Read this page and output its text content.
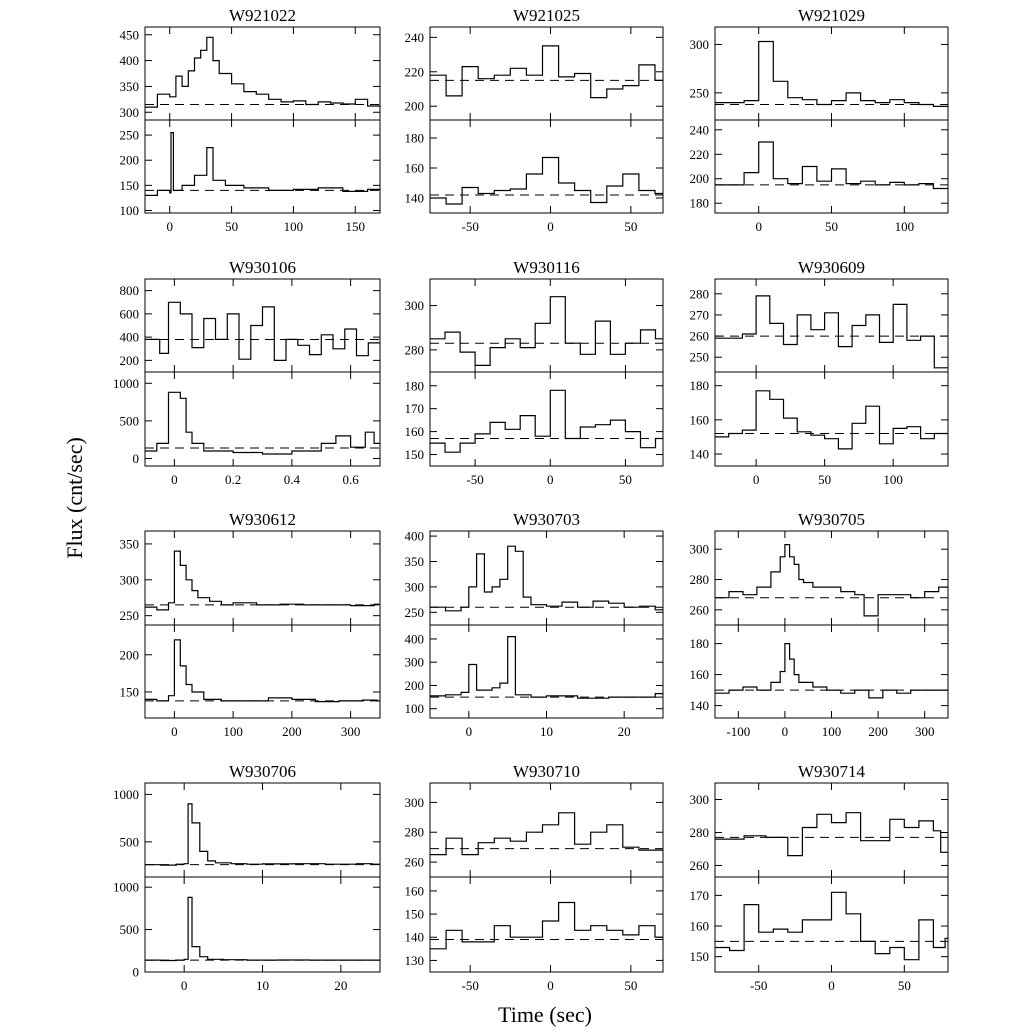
Flux (cnt/sec)
Time (sec)
W921022
300
350
400
450
100
150
200
250
0	50	100	150
W921025
200
220
240
140
160
180
-50	0	50
W921029
250
300
180
200
220
240
0	50	100
W930106
200
400
600
800
0
500
1000
0	0.2	0.4	0.6
W930116
280
300
150
160
170
180
-50	0	50
W930609
250
260
270
280
140
160
180
0	50	100
W930612
250
300
350
150
200
0	100	200	300
W930703
250
300
350
400
100
200
300
400
0	10	20
W930705
260
280
300
140
160
180
-100 0	100 200 300
W930706
500
1000
0
500
1000
0	10	20
W930710
260
280
300
130
140
150
160
-50	0	50
W930714
260
280
300
150
160
170
-50	0	50
